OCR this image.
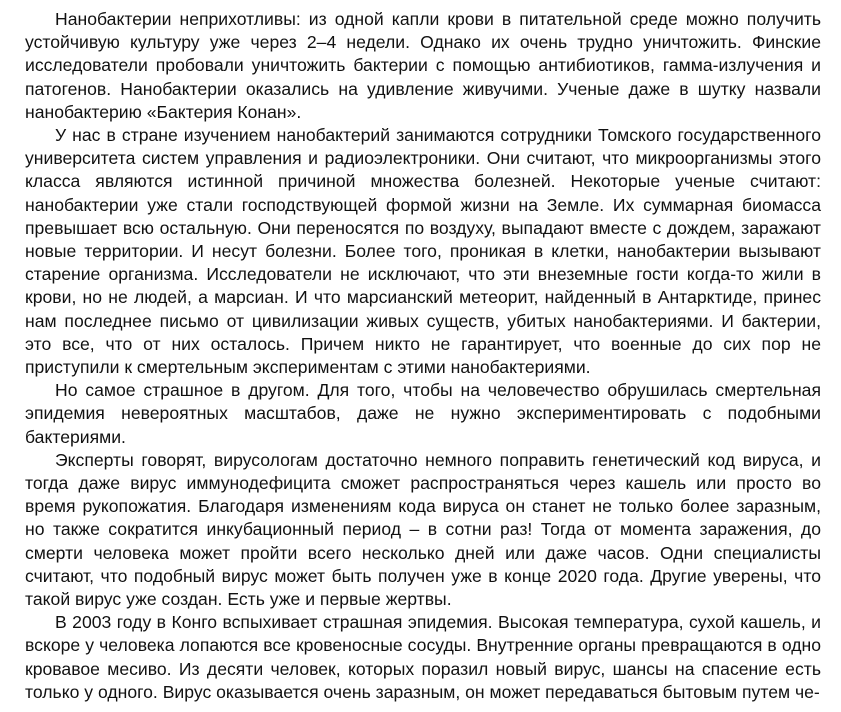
Нанобактерии неприхотливы: из одной капли крови в питательной среде можно получить устойчивую культуру уже через 2–4 недели. Однако их очень трудно уничтожить. Финские исследователи пробовали уничтожить бактерии с помощью антибиотиков, гамма-излучения и патогенов. Нанобактерии оказались на удивление живучими. Ученые даже в шутку назвали нанобактерию «Бактерия Конан».

У нас в стране изучением нанобактерий занимаются сотрудники Томского государственного университета систем управления и радиоэлектроники. Они считают, что микроорганизмы этого класса являются истинной причиной множества болезней. Некоторые ученые считают: нанобактерии уже стали господствующей формой жизни на Земле. Их суммарная биомасса превышает всю остальную. Они переносятся по воздуху, выпадают вместе с дождем, заражают новые территории. И несут болезни. Более того, проникая в клетки, нанобактерии вызывают старение организма. Исследователи не исключают, что эти внеземные гости когда-то жили в крови, но не людей, а марсиан. И что марсианский метеорит, найденный в Антарктиде, принес нам последнее письмо от цивилизации живых существ, убитых нанобактериями. И бактерии, это все, что от них осталось. Причем никто не гарантирует, что военные до сих пор не приступили к смертельным экспериментам с этими нанобактериями.

Но самое страшное в другом. Для того, чтобы на человечество обрушилась смертельная эпидемия невероятных масштабов, даже не нужно экспериментировать с подобными бактериями.

Эксперты говорят, вирусологам достаточно немного поправить генетический код вируса, и тогда даже вирус иммунодефицита сможет распространяться через кашель или просто во время рукопожатия. Благодаря изменениям кода вируса он станет не только более заразным, но также сократится инкубационный период – в сотни раз! Тогда от момента заражения, до смерти человека может пройти всего несколько дней или даже часов. Одни специалисты считают, что подобный вирус может быть получен уже в конце 2020 года. Другие уверены, что такой вирус уже создан. Есть уже и первые жертвы.

В 2003 году в Конго вспыхивает страшная эпидемия. Высокая температура, сухой кашель, и вскоре у человека лопаются все кровеносные сосуды. Внутренние органы превращаются в одно кровавое месиво. Из десяти человек, которых поразил новый вирус, шансы на спасение есть только у одного. Вирус оказывается очень заразным, он может передаваться бытовым путем че-
